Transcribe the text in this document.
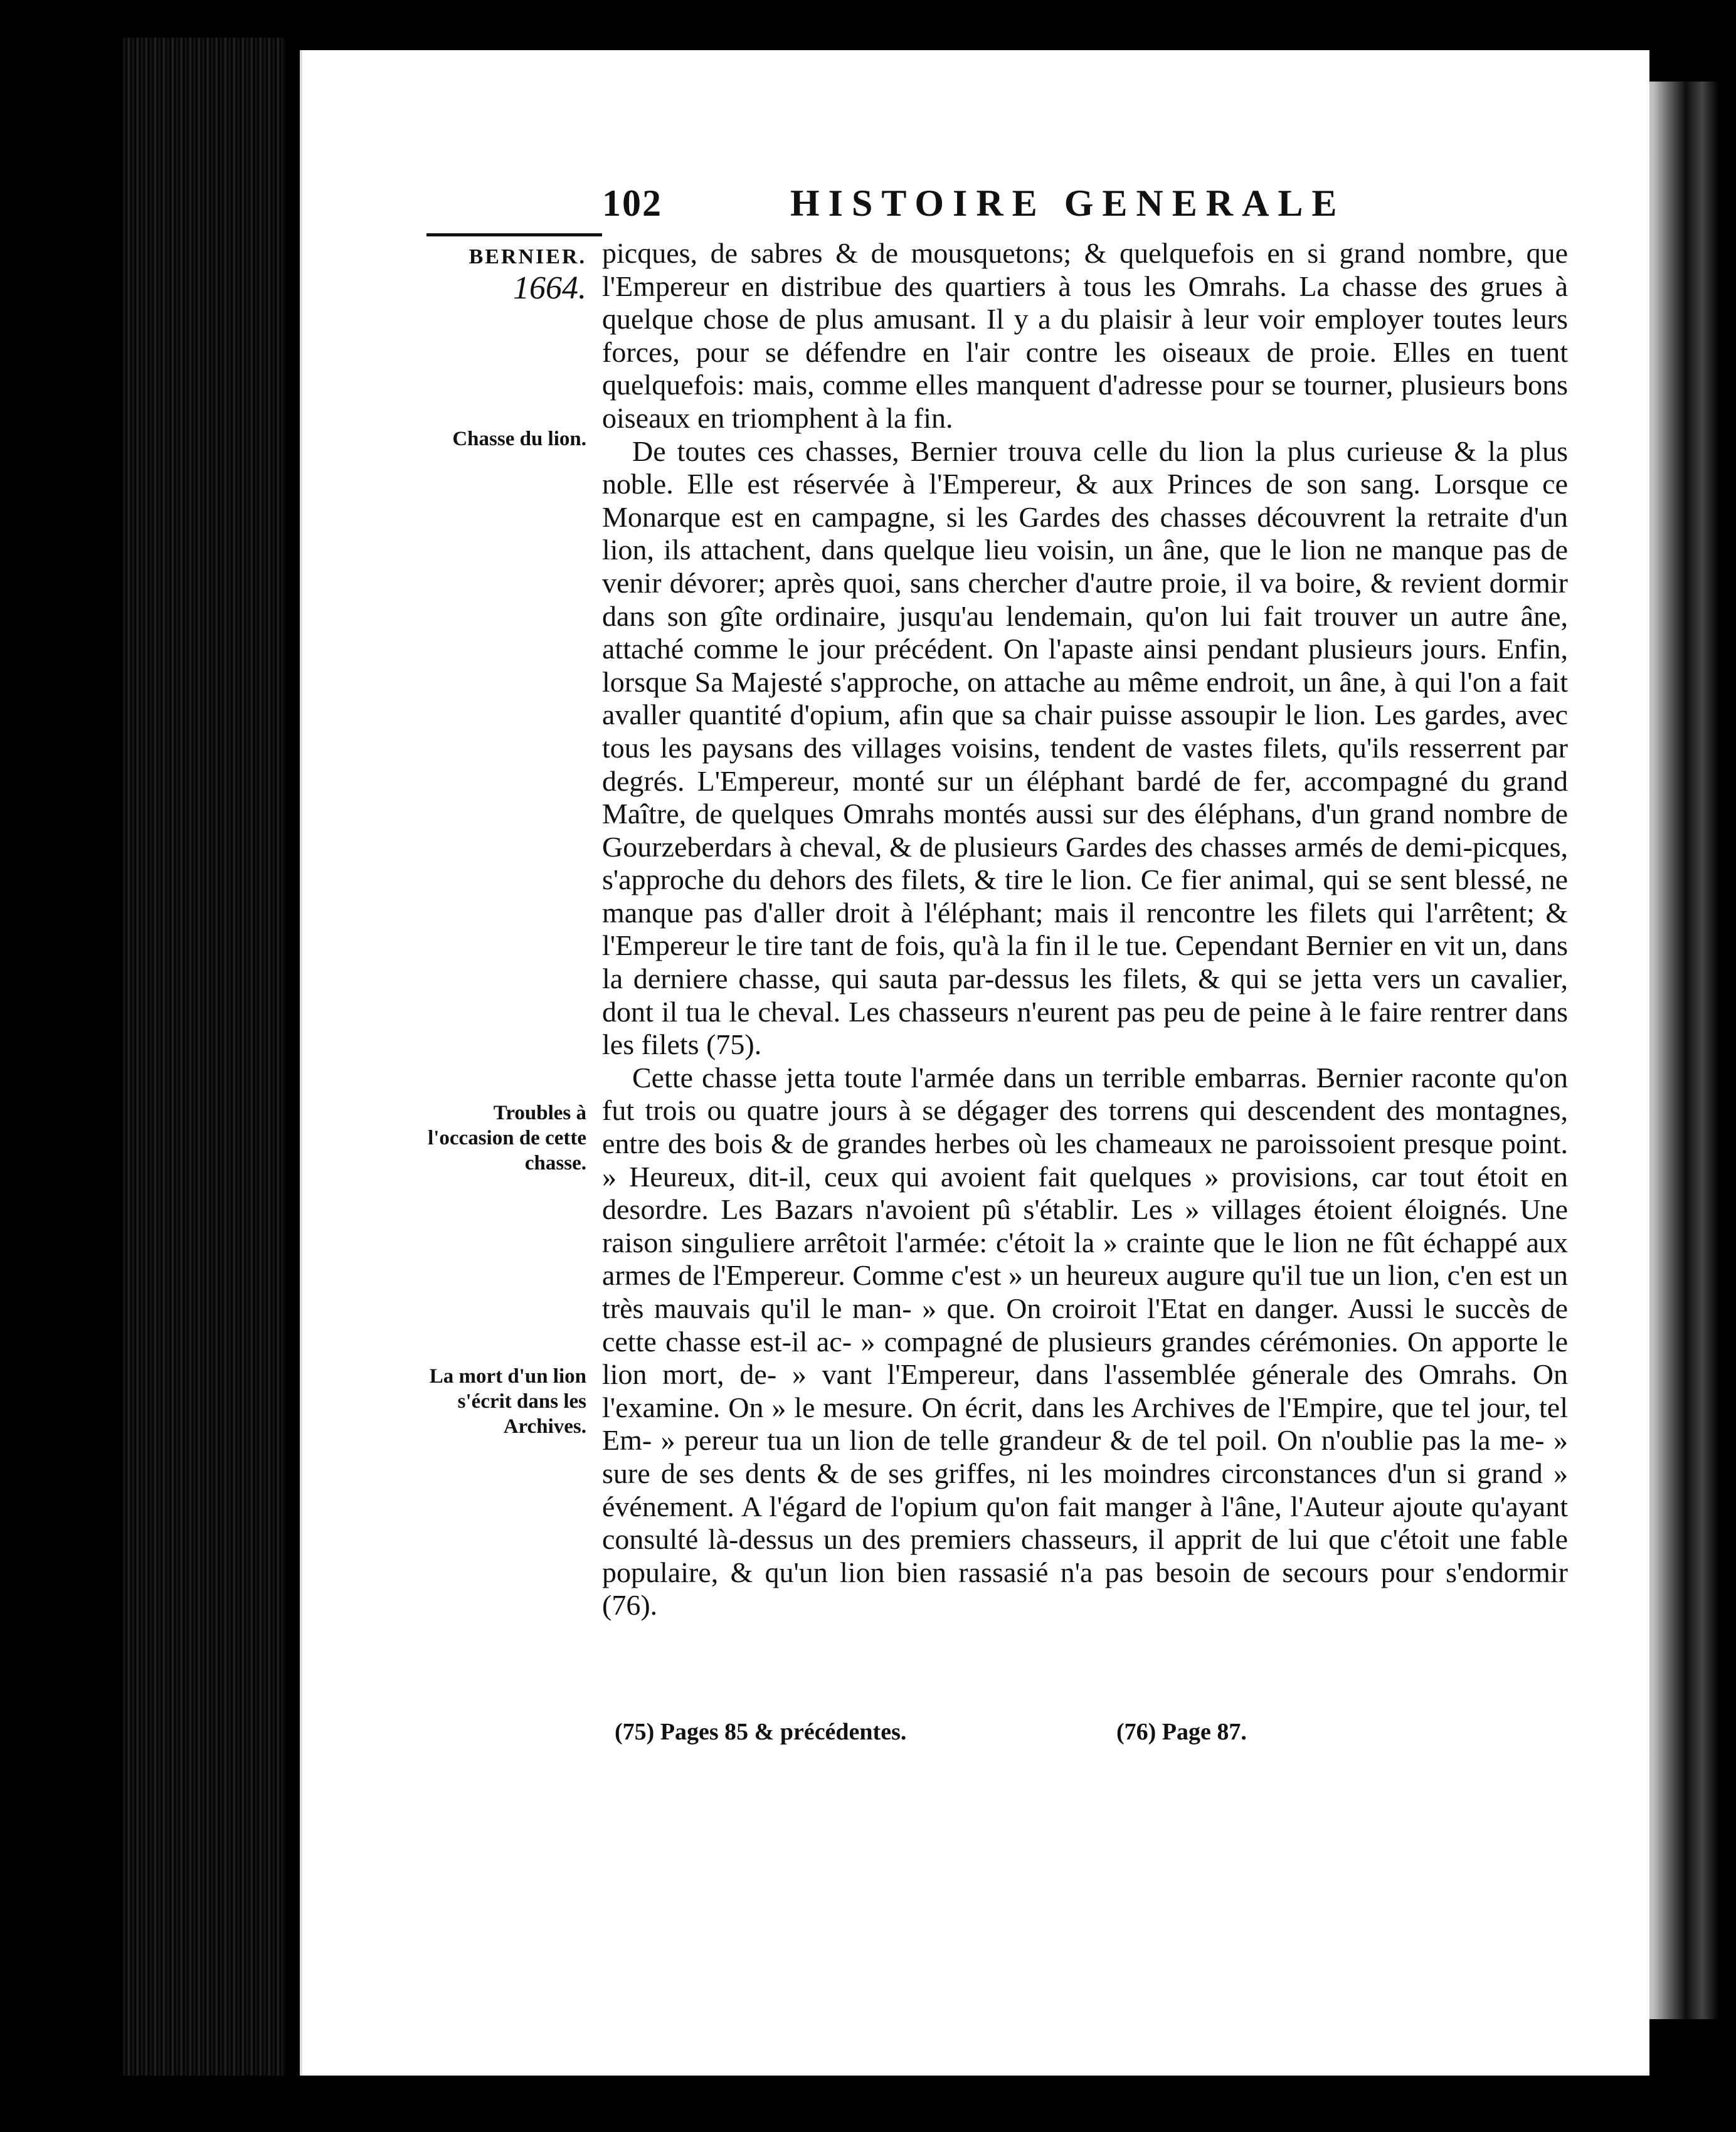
102	HISTOIRE GENERALE
BERNIER.
1664.
Chasse du lion.
Troubles à l'occasion de cette chasse.
La mort d'un lion s'écrit dans les Archives.

picques, de sabres & de mousquetons; & quelquefois en si grand nombre, que l'Empereur en distribue des quartiers à tous les Omrahs. La chasse des grues à quelque chose de plus amusant. Il y a du plaisir à leur voir employer toutes leurs forces, pour se défendre en l'air contre les oiseaux de proie. Elles en tuent quelquefois: mais, comme elles manquent d'adresse pour se tourner, plusieurs bons oiseaux en triomphent à la fin.

De toutes ces chasses, Bernier trouva celle du lion la plus curieuse & la plus noble. Elle est réservée à l'Empereur, & aux Princes de son sang. Lorsque ce Monarque est en campagne, si les Gardes des chasses découvrent la retraite d'un lion, ils attachent, dans quelque lieu voisin, un âne, que le lion ne manque pas de venir dévorer; après quoi, sans chercher d'autre proie, il va boire, & revient dormir dans son gîte ordinaire, jusqu'au lendemain, qu'on lui fait trouver un autre âne, attaché comme le jour précédent. On l'apaste ainsi pendant plusieurs jours. Enfin, lorsque Sa Majesté s'approche, on attache au même endroit, un âne, à qui l'on a fait avaller quantité d'opium, afin que sa chair puisse assoupir le lion. Les gardes, avec tous les paysans des villages voisins, tendent de vastes filets, qu'ils resserrent par degrés. L'Empereur, monté sur un éléphant bardé de fer, accompagné du grand Maître, de quelques Omrahs montés aussi sur des éléphans, d'un grand nombre de Gourzeberdars à cheval, & de plusieurs Gardes des chasses armés de demi-picques, s'approche du dehors des filets, & tire le lion. Ce fier animal, qui se sent blessé, ne manque pas d'aller droit à l'éléphant; mais il rencontre les filets qui l'arrêtent; & l'Empereur le tire tant de fois, qu'à la fin il le tue. Cependant Bernier en vit un, dans la derniere chasse, qui sauta par-dessus les filets, & qui se jetta vers un cavalier, dont il tua le cheval. Les chasseurs n'eurent pas peu de peine à le faire rentrer dans les filets (75).

Cette chasse jetta toute l'armée dans un terrible embarras. Bernier raconte qu'on fut trois ou quatre jours à se dégager des torrens qui descendent des montagnes, entre des bois & de grandes herbes où les chameaux ne paroissoient presque point. » Heureux, dit-il, ceux qui avoient fait quelques » provisions, car tout étoit en desordre. Les Bazars n'avoient pû s'établir. Les » villages étoient éloignés. Une raison singuliere arrêtoit l'armée: c'étoit la » crainte que le lion ne fût échappé aux armes de l'Empereur. Comme c'est » un heureux augure qu'il tue un lion, c'en est un très mauvais qu'il le man- » que. On croiroit l'Etat en danger. Aussi le succès de cette chasse est-il ac- » compagné de plusieurs grandes cérémonies. On apporte le lion mort, de- » vant l'Empereur, dans l'assemblée génerale des Omrahs. On l'examine. On » le mesure. On écrit, dans les Archives de l'Empire, que tel jour, tel Em- » pereur tua un lion de telle grandeur & de tel poil. On n'oublie pas la me- » sure de ses dents & de ses griffes, ni les moindres circonstances d'un si grand » événement. A l'égard de l'opium qu'on fait manger à l'âne, l'Auteur ajoute qu'ayant consulté là-dessus un des premiers chasseurs, il apprit de lui que c'étoit une fable populaire, & qu'un lion bien rassasié n'a pas besoin de secours pour s'endormir (76).

(75) Pages 85 & précédentes.	(76) Page 87.
